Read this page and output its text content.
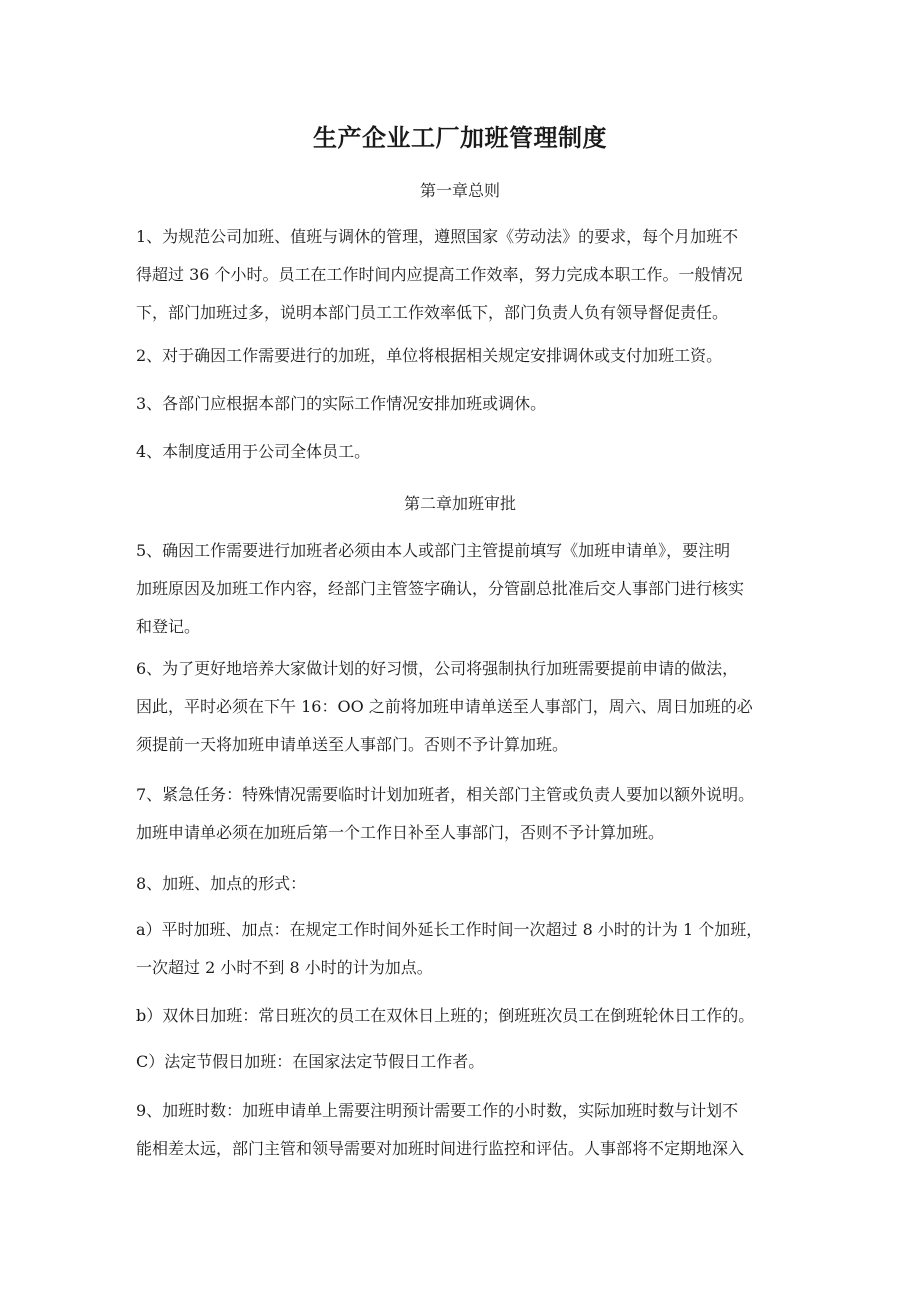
生产企业工厂加班管理制度
第一章总则
1、为规范公司加班、值班与调休的管理，遵照国家《劳动法》的要求，每个月加班不
得超过 36 个小时。员工在工作时间内应提高工作效率，努力完成本职工作。一般情况
下，部门加班过多，说明本部门员工工作效率低下，部门负责人负有领导督促责任。
2、对于确因工作需要进行的加班，单位将根据相关规定安排调休或支付加班工资。
3、各部门应根据本部门的实际工作情况安排加班或调休。
4、本制度适用于公司全体员工。
第二章加班审批
5、确因工作需要进行加班者必须由本人或部门主管提前填写《加班申请单》，要注明
加班原因及加班工作内容，经部门主管签字确认，分管副总批准后交人事部门进行核实
和登记。
6、为了更好地培养大家做计划的好习惯，公司将强制执行加班需要提前申请的做法，
因此，平时必须在下午 16：OO 之前将加班申请单送至人事部门，周六、周日加班的必
须提前一天将加班申请单送至人事部门。否则不予计算加班。
7、紧急任务：特殊情况需要临时计划加班者，相关部门主管或负责人要加以额外说明。
加班申请单必须在加班后第一个工作日补至人事部门，否则不予计算加班。
8、加班、加点的形式：
a）平时加班、加点：在规定工作时间外延长工作时间一次超过 8 小时的计为 1 个加班，
一次超过 2 小时不到 8 小时的计为加点。
b）双休日加班：常日班次的员工在双休日上班的；倒班班次员工在倒班轮休日工作的。
C）法定节假日加班：在国家法定节假日工作者。
9、加班时数：加班申请单上需要注明预计需要工作的小时数，实际加班时数与计划不
能相差太远，部门主管和领导需要对加班时间进行监控和评估。人事部将不定期地深入
